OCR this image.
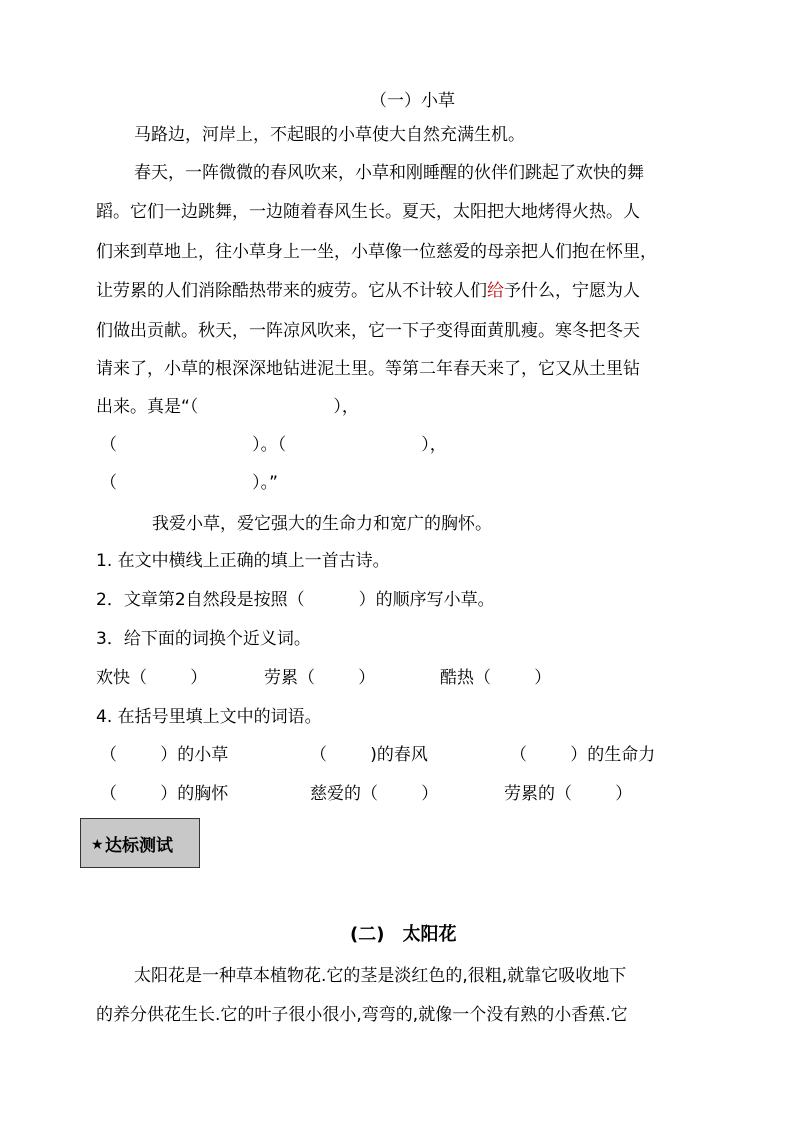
（一）小草
马路边，河岸上，不起眼的小草使大自然充满生机。
春天，一阵微微的春风吹来，小草和刚睡醒的伙伴们跳起了欢快的舞
蹈。它们一边跳舞，一边随着春风生长。夏天，太阳把大地烤得火热。人
们来到草地上，往小草身上一坐，小草像一位慈爱的母亲把人们抱在怀里，
让劳累的人们消除酷热带来的疲劳。它从不计较人们给予什么，宁愿为人
们做出贡献。秋天，一阵凉风吹来，它一下子变得面黄肌瘦。寒冬把冬天
请来了，小草的根深深地钻进泥土里。等第二年春天来了，它又从土里钻
出来。真是“（                         ），
（                         ）。（                         ），
（                         ）。”
我爱小草，爱它强大的生命力和宽广的胸怀。
1. 在文中横线上正确的填上一首古诗。
2．文章第2自然段是按照（          ）的顺序写小草。
3．给下面的词换个近义词。
欢快（        ）	劳累（        ）	酷热（        ）
4. 在括号里填上文中的词语。
（        ）的小草	（        )的春风	（        ）的生命力
（        ）的胸怀	慈爱的（        ）	劳累的（        ）
★ 达标测试
(二)　太阳花
太阳花是一种草本植物花.它的茎是淡红色的,很粗,就靠它吸收地下
的养分供花生长.它的叶子很小很小,弯弯的,就像一个没有熟的小香蕉.它
